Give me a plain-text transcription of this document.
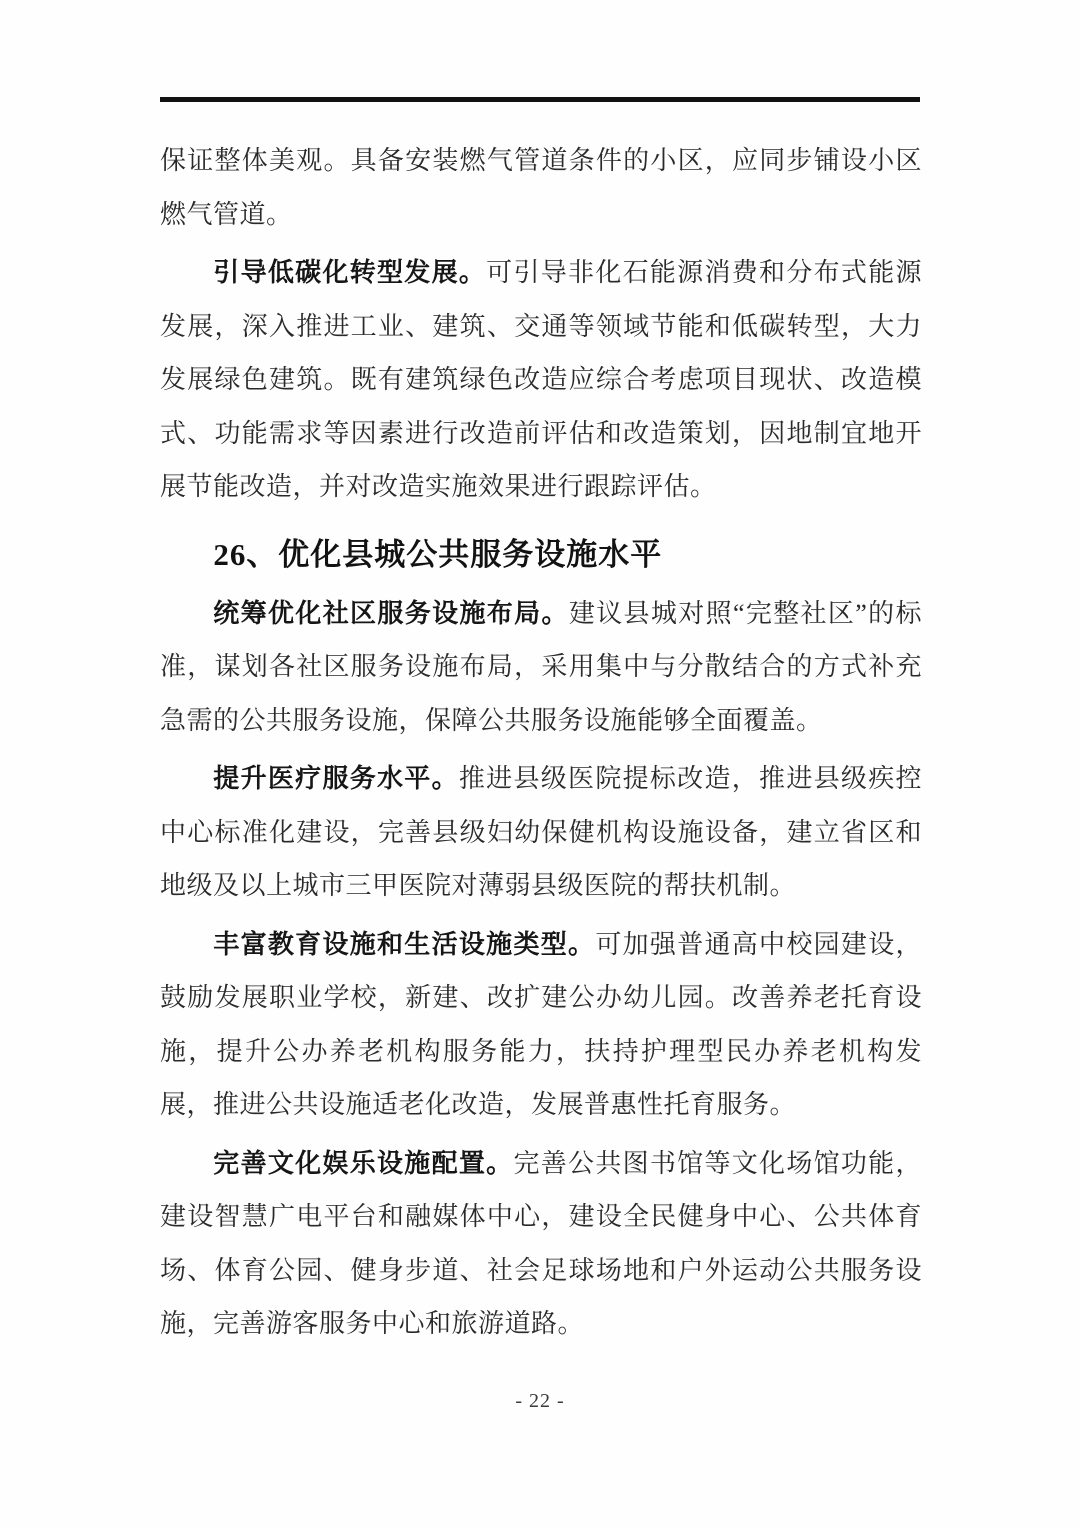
保证整体美观。具备安装燃气管道条件的小区，应同步铺设小区燃气管道。

引导低碳化转型发展。可引导非化石能源消费和分布式能源发展，深入推进工业、建筑、交通等领域节能和低碳转型，大力发展绿色建筑。既有建筑绿色改造应综合考虑项目现状、改造模式、功能需求等因素进行改造前评估和改造策划，因地制宜地开展节能改造，并对改造实施效果进行跟踪评估。

26、优化县城公共服务设施水平

统筹优化社区服务设施布局。建议县城对照“完整社区”的标准，谋划各社区服务设施布局，采用集中与分散结合的方式补充急需的公共服务设施，保障公共服务设施能够全面覆盖。

提升医疗服务水平。推进县级医院提标改造，推进县级疾控中心标准化建设，完善县级妇幼保健机构设施设备，建立省区和地级及以上城市三甲医院对薄弱县级医院的帮扶机制。

丰富教育设施和生活设施类型。可加强普通高中校园建设，鼓励发展职业学校，新建、改扩建公办幼儿园。改善养老托育设施，提升公办养老机构服务能力，扶持护理型民办养老机构发展，推进公共设施适老化改造，发展普惠性托育服务。

完善文化娱乐设施配置。完善公共图书馆等文化场馆功能，建设智慧广电平台和融媒体中心，建设全民健身中心、公共体育场、体育公园、健身步道、社会足球场地和户外运动公共服务设施，完善游客服务中心和旅游道路。

- 22 -
